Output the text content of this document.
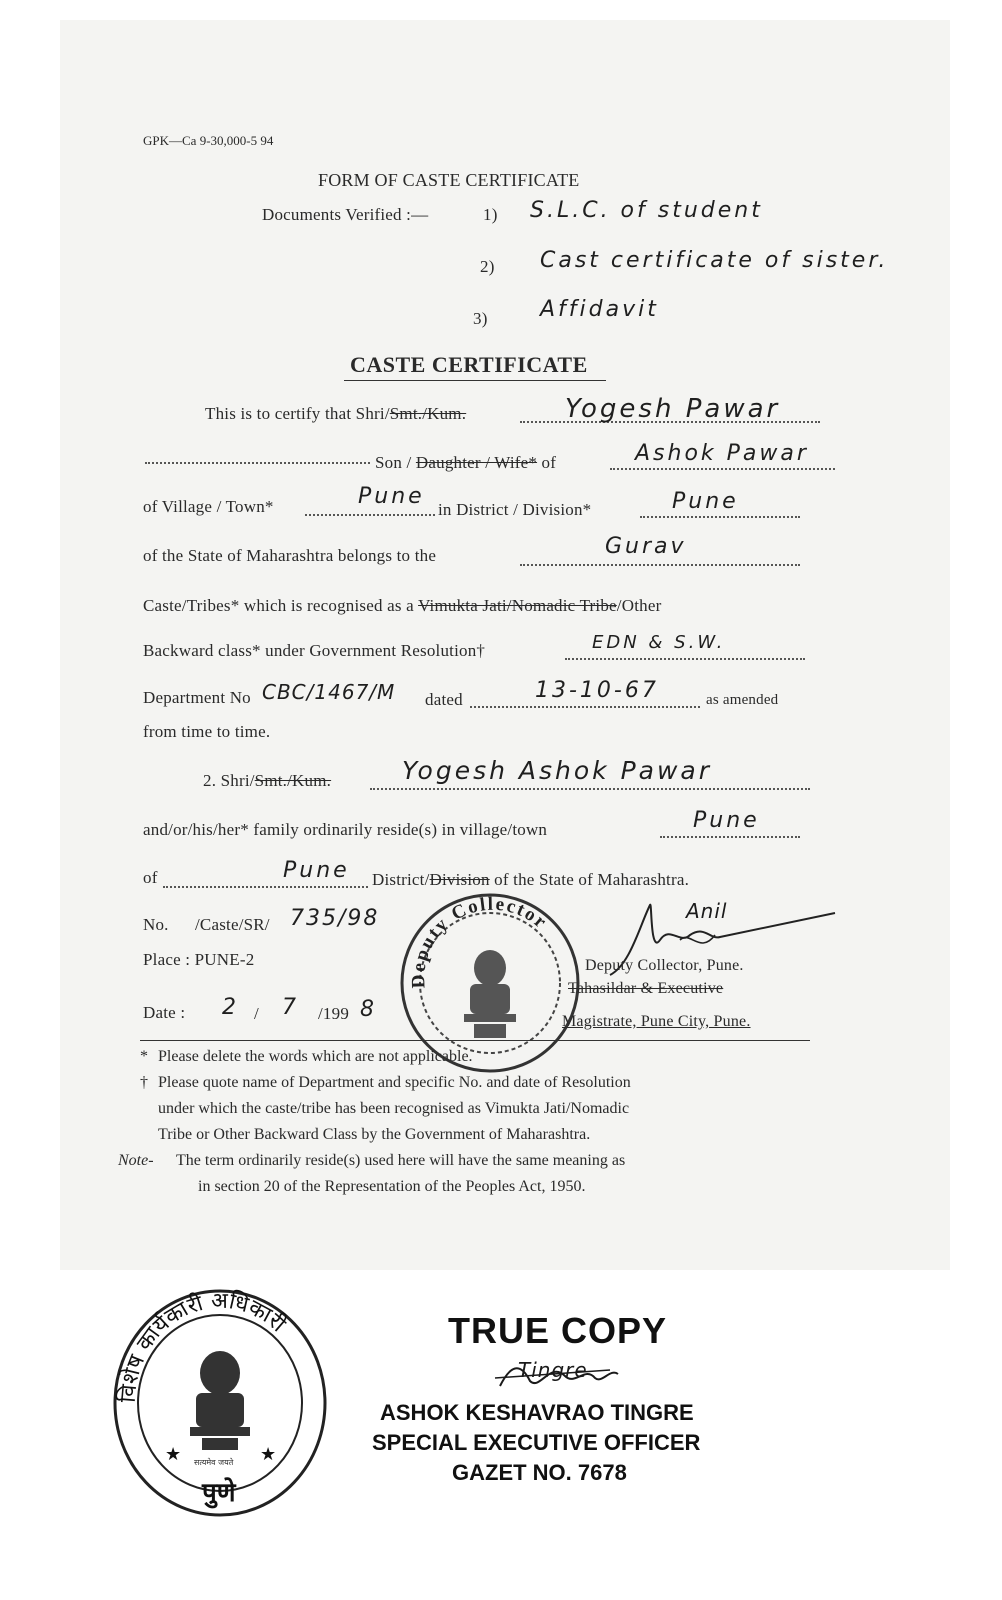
GPK—Ca 9-30,000-5 94
FORM OF CASTE CERTIFICATE
Documents Verified :—	1) S.L.C. of student
2) Cast certificate of sister.
3) Affidavit
CASTE CERTIFICATE
This is to certify that Shri/Smt./Kum.	Yogesh Pawar
Son / Daughter / Wife* of	Ashok Pawar
of Village / Town*	Pune
in District / Division*	Pune
of the State of Maharashtra belongs to the	Gurav
Caste/Tribes* which is recognised as a Vimukta Jati/Nomadic Tribe/Other
Backward class* under Government Resolution†	EDN & S.W.
Department No CBC/1467/M dated	13-10-67	as amended
from time to time.
2. Shri/Smt./Kum.	Yogesh Ashok Pawar
and/or/his/her* family ordinarily reside(s) in village/town	Pune
of	Pune District/Division of the State of Maharashtra.
No. /Caste/SR/ 735/98
Place : PUNE-2
Date : 2 / 7 /199 8
Deputy Collector	Anil
Deputy Collector, Pune.
Tahasildar & Executive
Magistrate, Pune City, Pune.
* Please delete the words which are not applicable.
† Please quote name of Department and specific No. and date of Resolution
under which the caste/tribe has been recognised as Vimukta Jati/Nomadic
Tribe or Other Backward Class by the Government of Maharashtra.
Note-	The term ordinarily reside(s) used here will have the same meaning as
in section 20 of the Representation of the Peoples Act, 1950.
विशेष कार्यकारी अधिकारी
★	★
सत्यमेव जयते
पुणे
TRUE COPY
Tingre
ASHOK KESHAVRAO TINGRE
SPECIAL EXECUTIVE OFFICER
GAZET NO. 7678
